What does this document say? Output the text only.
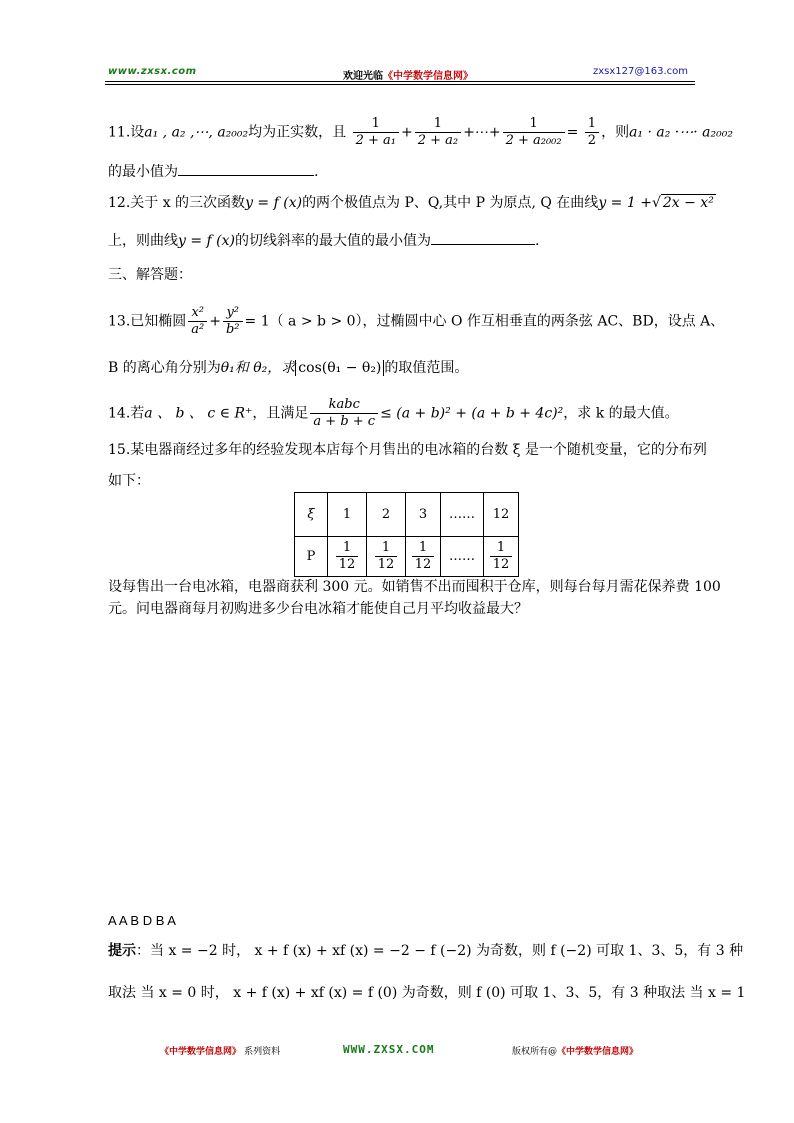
www.zxsx.com	欢迎光临《中学数学信息网》	zxsx127@163.com
11.设a₁ , a₂ ,⋯, a₂₀₀₂均为正实数，且 $\frac{1}{\text{2 + a₁}} + \frac{1}{\text{2 + a₂}}$ +⋯+ $\frac{1}{\text{2 + a₂₀₀₂}} = \frac{1}{2}$ ，则a₁ · a₂ ·⋯· a₂₀₀₂
的最小值为	.
12.关于 x 的三次函数y = f (x)的两个极值点为 P、Q,其中 P 为原点, Q 在曲线y = 1 +√ 2x − x²
上，则曲线y = f (x)的切线斜率的最大值的最小值为	.
三、解答题：
13.已知椭圆 $\frac{\text{x²}}{\text{a²}} + \frac{\text{y²}}{\text{b²}} = 1$（ a > b > 0），过椭圆中心 O 作互相垂直的两条弦 AC、BD，设点 A、
B 的离心角分别为θ₁和 θ₂，求 cos(θ₁ − θ₂) 的取值范围。
14.若a 、 b 、 c ∈ R⁺，且满足 $\frac{\text{kabc}}{a + b + c} \le (a + b)^2 + (a + b + 4c)^2$，求 k 的最大值。
15.某电器商经过多年的经验发现本店每个月售出的电冰箱的台数 ξ 是一个随机变量，它的分布列
如下：
ξ	1	2	3	……	12
P	$\frac{1}{12}$	$\frac{1}{12}$	$\frac{1}{12}$	……	$\frac{1}{12}$
设每售出一台电冰箱，电器商获利 300 元。如销售不出而囤积于仓库，则每台每月需花保养费 100
元。问电器商每月初购进多少台电冰箱才能使自己月平均收益最大？
A A B D B A
提示：当 x = −2 时， x + f (x) + xf (x) = −2 − f (−2) 为奇数，则 f (−2) 可取 1、3、5，有 3 种
取法 当 x = 0 时， x + f (x) + xf (x) = f (0) 为奇数，则 f (0) 可取 1、3、5，有 3 种取法 当 x = 1
《中学数学信息网》 系列资料	WWW.ZXSX.COM	版权所有@《中学数学信息网》
